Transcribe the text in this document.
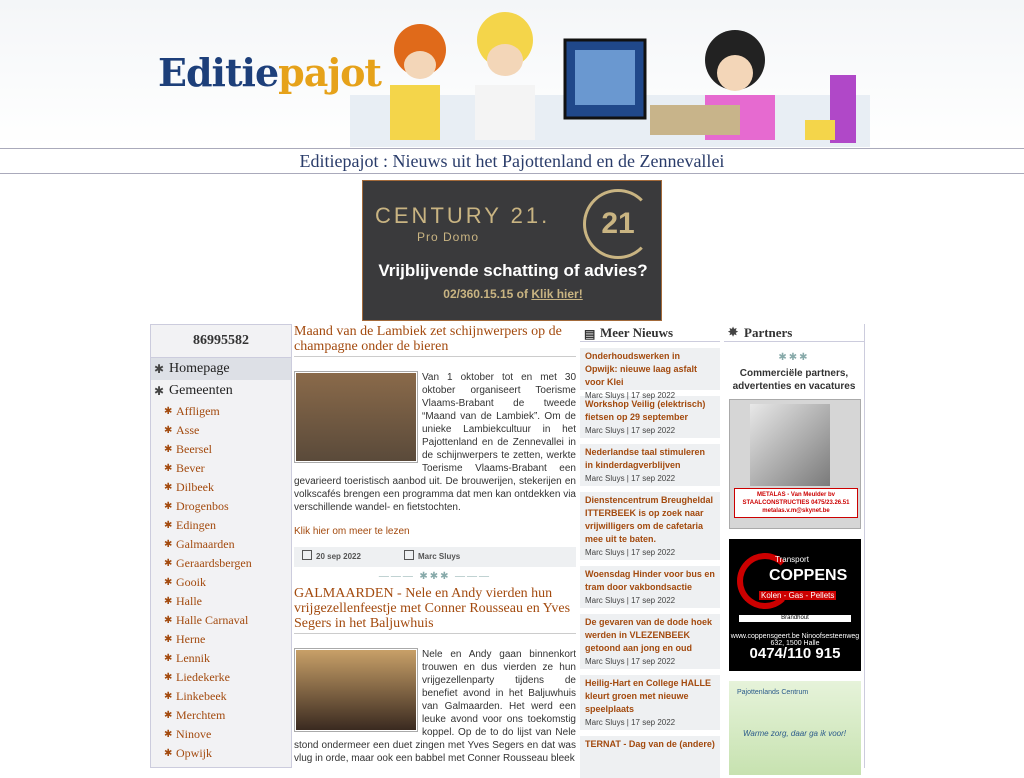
Editiepajot
Editiepajot : Nieuws uit het Pajottenland en de Zennevallei
CENTURY 21.
Pro Domo	21
Vrijblijvende schatting of advies?
02/360.15.15 of Klik hier!
86995582
✱ Homepage
✱ Gemeenten
✱ Affligem
✱ Asse
✱ Beersel
✱ Bever
✱ Dilbeek
✱ Drogenbos
✱ Edingen
✱ Galmaarden
✱ Geraardsbergen
✱ Gooik
✱ Halle
✱ Halle Carnaval
✱ Herne
✱ Lennik
✱ Liedekerke
✱ Linkebeek
✱ Merchtem
✱ Ninove
✱ Opwijk
Maand van de Lambiek zet schijnwerpers op de champagne onder de bieren
Van 1 oktober tot en met 30 oktober organiseert Toerisme Vlaams-Brabant de tweede “Maand van de Lambiek”. Om de unieke Lambiekcultuur in het Pajottenland en de Zennevallei in de schijnwerpers te zetten, werkte Toerisme Vlaams-Brabant een gevarieerd toeristisch aanbod uit. De brouwerijen, stekerijen en volkscafés brengen een programma dat men kan ontdekken via verschillende wandel- en fietstochten.
Klik hier om meer te lezen
20 sep 2022	Marc Sluys
——— ✱✱✱ ———
GALMAARDEN - Nele en Andy vierden hun vrijgezellenfeestje met Conner Rousseau en Yves Segers in het Baljuwhuis
Nele en Andy gaan binnenkort trouwen en dus vierden ze hun vrijgezellenparty tijdens de benefiet avond in het Baljuwhuis van Galmaarden. Het werd een leuke avond voor ons toekomstig koppel. Op de to do lijst van Nele stond ondermeer een duet zingen met Yves Segers en dat was vlug in orde, maar ook een babbel met Conner Rousseau bleek
▤ Meer Nieuws
Onderhoudswerken in Opwijk: nieuwe laag asfalt voor Klei
Marc Sluys | 17 sep 2022
Workshop Veilig (elektrisch) fietsen op 29 september
Marc Sluys | 17 sep 2022
Nederlandse taal stimuleren in kinderdagverblijven
Marc Sluys | 17 sep 2022
Dienstencentrum Breugheldal ITTERBEEK is op zoek naar vrijwilligers om de cafetaria mee uit te baten.
Marc Sluys | 17 sep 2022
Woensdag Hinder voor bus en tram door vakbondsactie
Marc Sluys | 17 sep 2022
De gevaren van de dode hoek werden in VLEZENBEEK getoond aan jong en oud
Marc Sluys | 17 sep 2022
Heilig-Hart en College HALLE kleurt groen met nieuwe speelplaats
Marc Sluys | 17 sep 2022
TERNAT - Dag van de (andere)
✸ Partners
✱✱✱
Commerciële partners, advertenties en vacatures
METALAS - Van Meulder bv STAALCONSTRUCTIES 0475/23.26.51 metalas.v.m@skynet.be
Transport
COPPENS
Kolen - Gas - Pellets
Brandhout
www.coppensgeert.be Ninoofsesteenweg 632, 1500 Halle
0474/110 915
Pajottenlands Centrum
Warme zorg, daar ga ik voor!
